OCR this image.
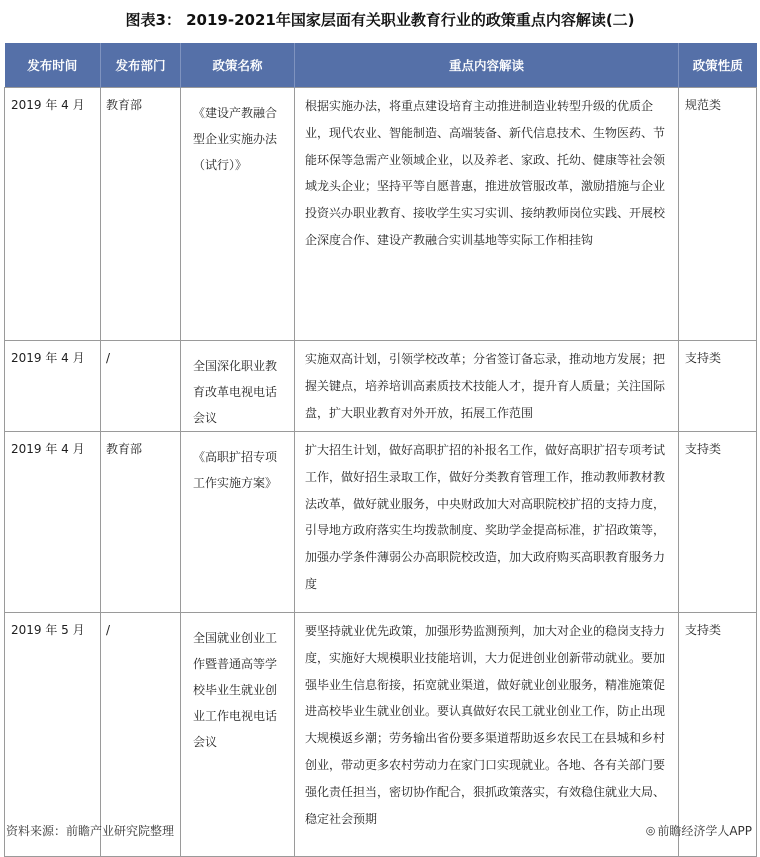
图表3： 2019-2021年国家层面有关职业教育行业的政策重点内容解读(二)
发布时间	发布部门	政策名称	重点内容解读	政策性质
2019 年 4 月	教育部	《建设产教融合型企业实施办法（试行）》	根据实施办法，将重点建设培育主动推进制造业转型升级的优质企业，现代农业、智能制造、高端装备、新代信息技术、生物医药、节能环保等急需产业领域企业，以及养老、家政、托幼、健康等社会领域龙头企业；坚持平等自愿普惠，推进放管服改革，激励措施与企业投资兴办职业教育、接收学生实习实训、接纳教师岗位实践、开展校企深度合作、建设产教融合实训基地等实际工作相挂钩	规范类
2019 年 4 月	/	全国深化职业教育改革电视电话会议	实施双高计划，引领学校改革；分省签订备忘录，推动地方发展；把握关键点，培养培训高素质技术技能人才，提升育人质量；关注国际盘，扩大职业教育对外开放，拓展工作范围	支持类
2019 年 4 月	教育部	《高职扩招专项工作实施方案》	扩大招生计划，做好高职扩招的补报名工作，做好高职扩招专项考试工作，做好招生录取工作，做好分类教育管理工作，推动教师教材教法改革，做好就业服务，中央财政加大对高职院校扩招的支持力度，引导地方政府落实生均拨款制度、奖助学金提高标准，扩招政策等，加强办学条件薄弱公办高职院校改造，加大政府购买高职教育服务力度	支持类
2019 年 5 月	/	全国就业创业工作暨普通高等学校毕业生就业创业工作电视电话会议	要坚持就业优先政策，加强形势监测预判，加大对企业的稳岗支持力度，实施好大规模职业技能培训，大力促进创业创新带动就业。要加强毕业生信息衔接，拓宽就业渠道，做好就业创业服务，精准施策促进高校毕业生就业创业。要认真做好农民工就业创业工作，防止出现大规模返乡潮；劳务输出省份要多渠道帮助返乡农民工在县城和乡村创业，带动更多农村劳动力在家门口实现就业。各地、各有关部门要强化责任担当，密切协作配合，狠抓政策落实，有效稳住就业大局、稳定社会预期	支持类
资料来源：前瞻产业研究院整理	◎ 前瞻经济学人APP
